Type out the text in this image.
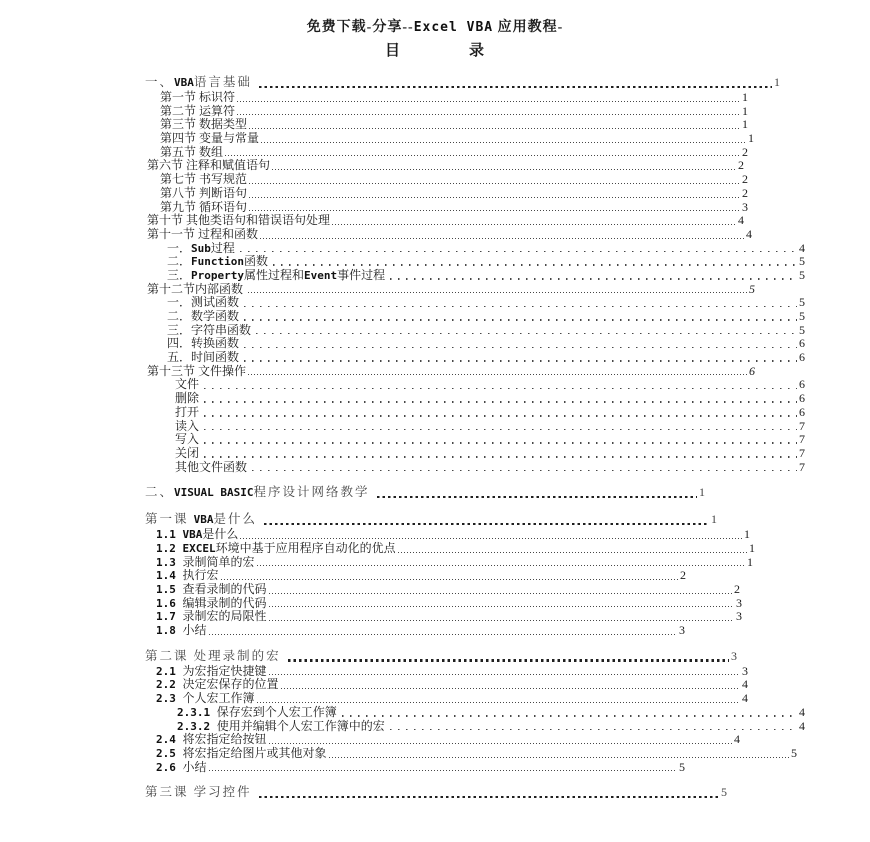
免费下载-分享--Excel VBA 应用教程-
目	录
一、VBA语言基础	1
第一节 标识符	1
第二节 运算符	1
第三节 数据类型	1
第四节 变量与常量	1
第五节 数组	2
第六节 注释和赋值语句	2
第七节 书写规范	2
第八节 判断语句	2
第九节 循环语句	3
第十节 其他类语句和错误语句处理	4
第十一节 过程和函数	4
一．Sub过程	4
二．Function函数	5
三．Property属性过程和Event事件过程	5
第十二节内部函数	5
一．测试函数	5
二．数学函数	5
三．字符串函数	5
四．转换函数	6
五．时间函数	6
第十三节 文件操作	6
文件	6
删除	6
打开	6
读入	7
写入	7
关闭	7
其他文件函数	7
二、VISUAL BASIC程序设计网络教学	1
第一课 VBA是什么	1
1.1 VBA是什么	1
1.2 EXCEL环境中基于应用程序自动化的优点	1
1.3 录制简单的宏	1
1.4 执行宏	2
1.5 查看录制的代码	2
1.6 编辑录制的代码	3
1.7 录制宏的局限性	3
1.8 小结	3
第二课 处理录制的宏	3
2.1 为宏指定快捷键	3
2.2 决定宏保存的位置	4
2.3 个人宏工作簿	4
2.3.1 保存宏到个人宏工作簿	4
2.3.2 使用并编辑个人宏工作簿中的宏	4
2.4 将宏指定给按钮	4
2.5 将宏指定给图片或其他对象	5
2.6 小结	5
第三课 学习控件	5
